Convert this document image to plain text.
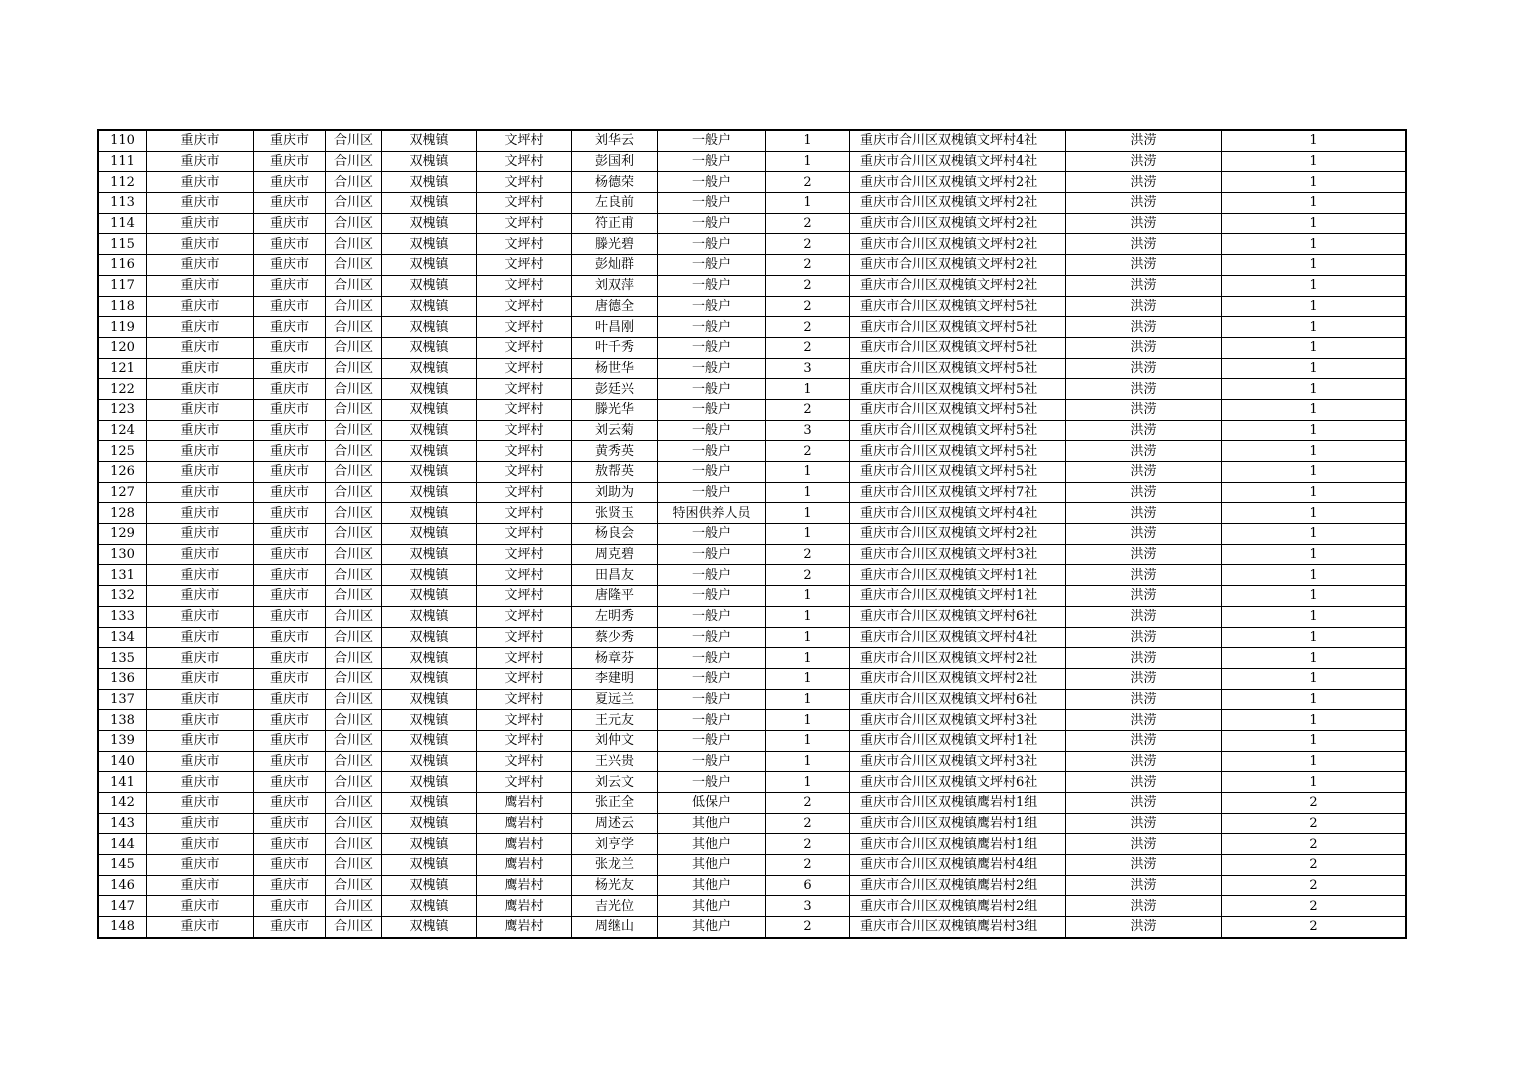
110	重庆市	重庆市	合川区	双槐镇	文坪村	刘华云	一般户	1	重庆市合川区双槐镇文坪村4社	洪涝	1
111	重庆市	重庆市	合川区	双槐镇	文坪村	彭国利	一般户	1	重庆市合川区双槐镇文坪村4社	洪涝	1
112	重庆市	重庆市	合川区	双槐镇	文坪村	杨德荣	一般户	2	重庆市合川区双槐镇文坪村2社	洪涝	1
113	重庆市	重庆市	合川区	双槐镇	文坪村	左良前	一般户	1	重庆市合川区双槐镇文坪村2社	洪涝	1
114	重庆市	重庆市	合川区	双槐镇	文坪村	符正甫	一般户	2	重庆市合川区双槐镇文坪村2社	洪涝	1
115	重庆市	重庆市	合川区	双槐镇	文坪村	滕光碧	一般户	2	重庆市合川区双槐镇文坪村2社	洪涝	1
116	重庆市	重庆市	合川区	双槐镇	文坪村	彭灿群	一般户	2	重庆市合川区双槐镇文坪村2社	洪涝	1
117	重庆市	重庆市	合川区	双槐镇	文坪村	刘双萍	一般户	2	重庆市合川区双槐镇文坪村2社	洪涝	1
118	重庆市	重庆市	合川区	双槐镇	文坪村	唐德全	一般户	2	重庆市合川区双槐镇文坪村5社	洪涝	1
119	重庆市	重庆市	合川区	双槐镇	文坪村	叶昌刚	一般户	2	重庆市合川区双槐镇文坪村5社	洪涝	1
120	重庆市	重庆市	合川区	双槐镇	文坪村	叶千秀	一般户	2	重庆市合川区双槐镇文坪村5社	洪涝	1
121	重庆市	重庆市	合川区	双槐镇	文坪村	杨世华	一般户	3	重庆市合川区双槐镇文坪村5社	洪涝	1
122	重庆市	重庆市	合川区	双槐镇	文坪村	彭廷兴	一般户	1	重庆市合川区双槐镇文坪村5社	洪涝	1
123	重庆市	重庆市	合川区	双槐镇	文坪村	滕光华	一般户	2	重庆市合川区双槐镇文坪村5社	洪涝	1
124	重庆市	重庆市	合川区	双槐镇	文坪村	刘云菊	一般户	3	重庆市合川区双槐镇文坪村5社	洪涝	1
125	重庆市	重庆市	合川区	双槐镇	文坪村	黄秀英	一般户	2	重庆市合川区双槐镇文坪村5社	洪涝	1
126	重庆市	重庆市	合川区	双槐镇	文坪村	敖帮英	一般户	1	重庆市合川区双槐镇文坪村5社	洪涝	1
127	重庆市	重庆市	合川区	双槐镇	文坪村	刘助为	一般户	1	重庆市合川区双槐镇文坪村7社	洪涝	1
128	重庆市	重庆市	合川区	双槐镇	文坪村	张贤玉	特困供养人员	1	重庆市合川区双槐镇文坪村4社	洪涝	1
129	重庆市	重庆市	合川区	双槐镇	文坪村	杨良会	一般户	1	重庆市合川区双槐镇文坪村2社	洪涝	1
130	重庆市	重庆市	合川区	双槐镇	文坪村	周克碧	一般户	2	重庆市合川区双槐镇文坪村3社	洪涝	1
131	重庆市	重庆市	合川区	双槐镇	文坪村	田昌友	一般户	2	重庆市合川区双槐镇文坪村1社	洪涝	1
132	重庆市	重庆市	合川区	双槐镇	文坪村	唐隆平	一般户	1	重庆市合川区双槐镇文坪村1社	洪涝	1
133	重庆市	重庆市	合川区	双槐镇	文坪村	左明秀	一般户	1	重庆市合川区双槐镇文坪村6社	洪涝	1
134	重庆市	重庆市	合川区	双槐镇	文坪村	蔡少秀	一般户	1	重庆市合川区双槐镇文坪村4社	洪涝	1
135	重庆市	重庆市	合川区	双槐镇	文坪村	杨章芬	一般户	1	重庆市合川区双槐镇文坪村2社	洪涝	1
136	重庆市	重庆市	合川区	双槐镇	文坪村	李建明	一般户	1	重庆市合川区双槐镇文坪村2社	洪涝	1
137	重庆市	重庆市	合川区	双槐镇	文坪村	夏远兰	一般户	1	重庆市合川区双槐镇文坪村6社	洪涝	1
138	重庆市	重庆市	合川区	双槐镇	文坪村	王元友	一般户	1	重庆市合川区双槐镇文坪村3社	洪涝	1
139	重庆市	重庆市	合川区	双槐镇	文坪村	刘仲文	一般户	1	重庆市合川区双槐镇文坪村1社	洪涝	1
140	重庆市	重庆市	合川区	双槐镇	文坪村	王兴贵	一般户	1	重庆市合川区双槐镇文坪村3社	洪涝	1
141	重庆市	重庆市	合川区	双槐镇	文坪村	刘云文	一般户	1	重庆市合川区双槐镇文坪村6社	洪涝	1
142	重庆市	重庆市	合川区	双槐镇	鹰岩村	张正全	低保户	2	重庆市合川区双槐镇鹰岩村1组	洪涝	2
143	重庆市	重庆市	合川区	双槐镇	鹰岩村	周述云	其他户	2	重庆市合川区双槐镇鹰岩村1组	洪涝	2
144	重庆市	重庆市	合川区	双槐镇	鹰岩村	刘亨学	其他户	2	重庆市合川区双槐镇鹰岩村1组	洪涝	2
145	重庆市	重庆市	合川区	双槐镇	鹰岩村	张龙兰	其他户	2	重庆市合川区双槐镇鹰岩村4组	洪涝	2
146	重庆市	重庆市	合川区	双槐镇	鹰岩村	杨光友	其他户	6	重庆市合川区双槐镇鹰岩村2组	洪涝	2
147	重庆市	重庆市	合川区	双槐镇	鹰岩村	吉光位	其他户	3	重庆市合川区双槐镇鹰岩村2组	洪涝	2
148	重庆市	重庆市	合川区	双槐镇	鹰岩村	周继山	其他户	2	重庆市合川区双槐镇鹰岩村3组	洪涝	2
